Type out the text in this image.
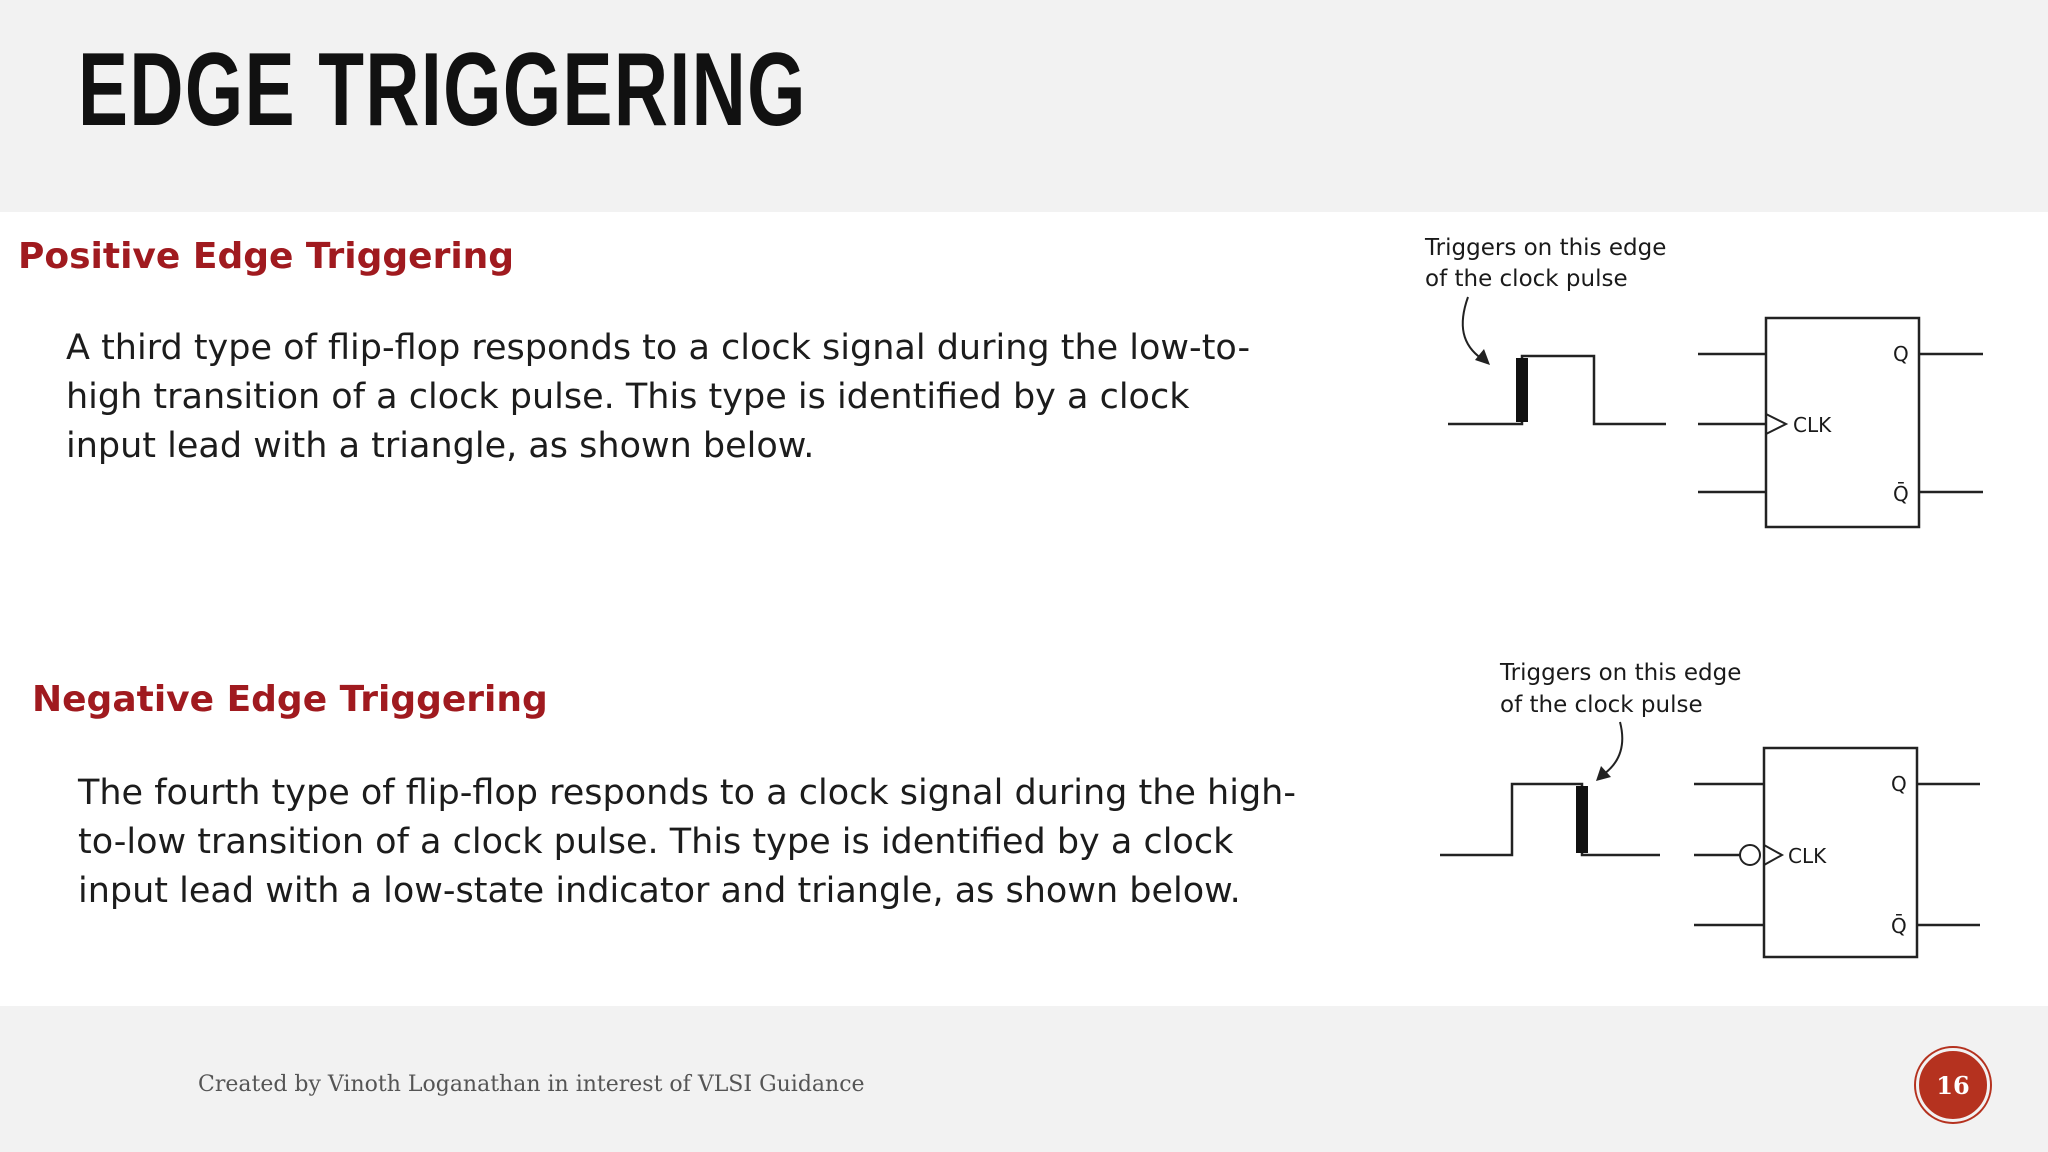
EDGE TRIGGERING
Positive Edge Triggering

A third type of flip-flop responds to a clock signal during the low-to-
high transition of a clock pulse. This type is identified by a clock
input lead with a triangle, as shown below.

Triggers on this edge
of the clock pulse
CLK
Q
Q̄
Negative Edge Triggering

The fourth type of flip-flop responds to a clock signal during the high-
to-low transition of a clock pulse. This type is identified by a clock
input lead with a low-state indicator and triangle, as shown below.

Triggers on this edge
of the clock pulse
CLK
Q
Q̄
Created by Vinoth Loganathan in interest of VLSI Guidance	16
